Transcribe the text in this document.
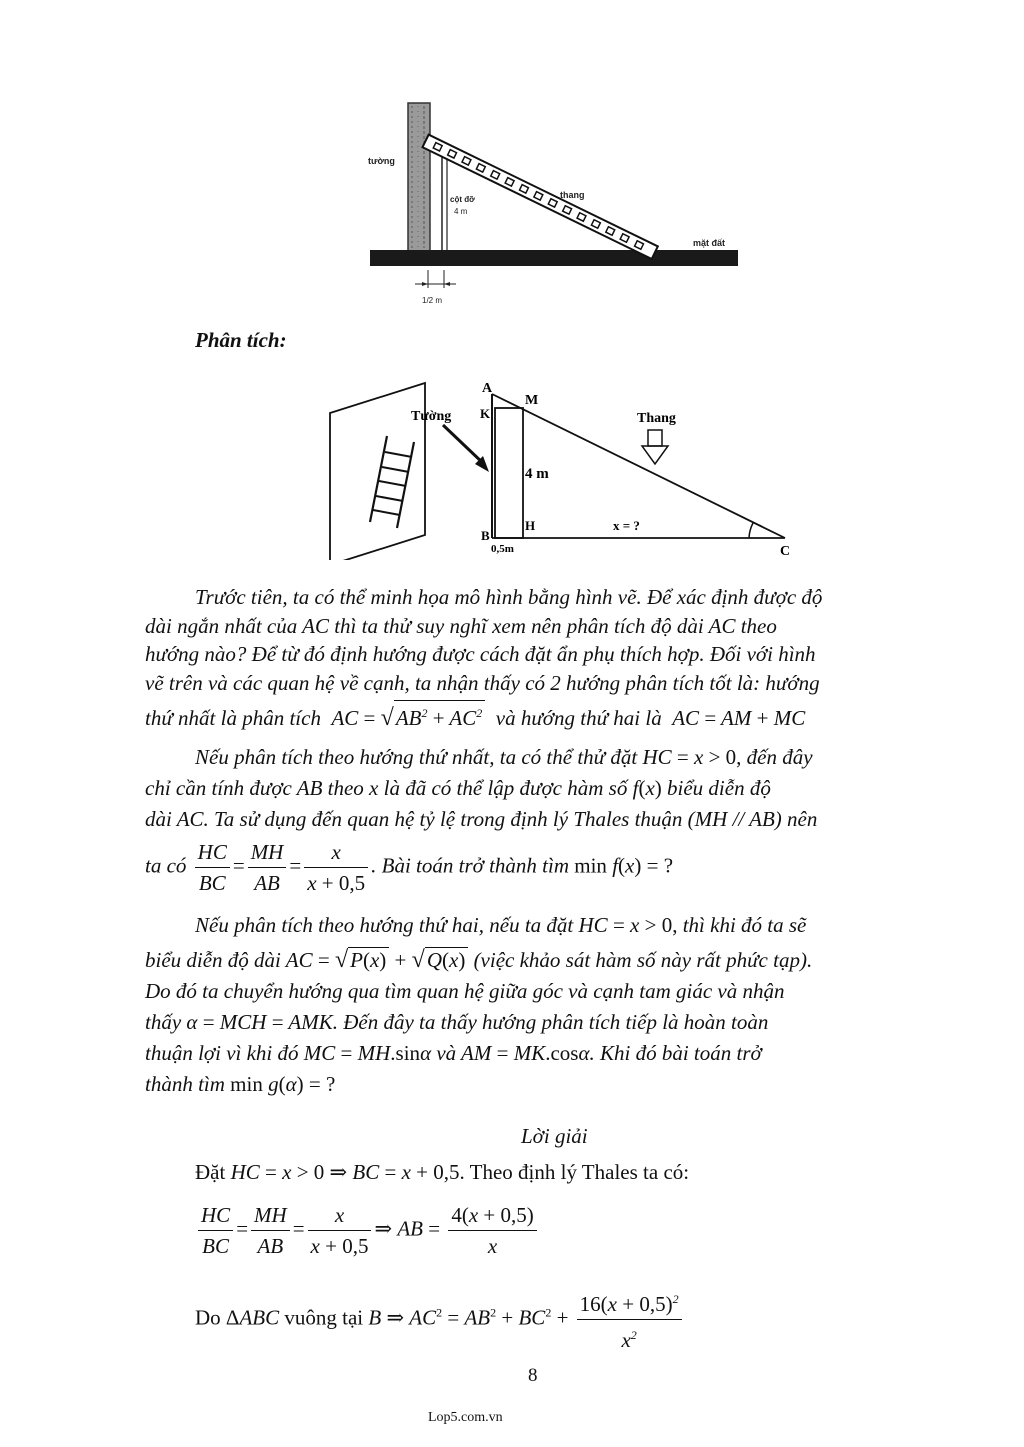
tường
cột đỡ
4 m
thang
mặt đất
1/2 m
Phân tích:
A
K
M
B
H
C
Tường	Thang
4 m
x = ?
0,5m
Trước tiên, ta có thể minh họa mô hình bằng hình vẽ. Để xác định được độ
dài ngắn nhất của AC thì ta thử suy nghĩ xem nên phân tích độ dài AC theo
hướng nào? Để từ đó định hướng được cách đặt ẩn phụ thích hợp. Đối với hình
vẽ trên và các quan hệ về cạnh, ta nhận thấy có 2 hướng phân tích tốt là: hướng
thứ nhất là phân tích AC = $√AB^2 + AC^2$ và hướng thứ hai là AC = AM + MC
Nếu phân tích theo hướng thứ nhất, ta có thể thử đặt HC = x > 0, đến đây
chỉ cần tính được AB theo x là đã có thể lập được hàm số f(x) biểu diễn độ
dài AC. Ta sử dụng đến quan hệ tỷ lệ trong định lý Thales thuận (MH // AB) nên
ta có $\frac{HC}{BC} = \frac{MH}{AB} = \frac{x}{x + 0,5}$ . Bài toán trở thành tìm min f(x) = ?
Nếu phân tích theo hướng thứ hai, nếu ta đặt HC = x > 0, thì khi đó ta sẽ
biểu diễn độ dài AC = √P(x) + √Q(x) (việc khảo sát hàm số này rất phức tạp).
Do đó ta chuyển hướng qua tìm quan hệ giữa góc và cạnh tam giác và nhận
thấy α = MCH = AMK. Đến đây ta thấy hướng phân tích tiếp là hoàn toàn
thuận lợi vì khi đó MC = MH.sinα và AM = MK.cosα. Khi đó bài toán trở
thành tìm min g(α) = ?
Lời giải
Đặt HC = x > 0 ⇒ BC = x + 0,5. Theo định lý Thales ta có:
$\frac{HC}{BC} = \frac{MH}{AB} = \frac{x}{x + 0,5}$ ⇒ AB = $\frac{4(x + 0,5)}{x}$
Do ΔABC vuông tại B ⇒ $AC^2 = AB^2 + BC^2 + \frac{16(x + 0,5)^2}{x^2}$
8
Lop5.com.vn
